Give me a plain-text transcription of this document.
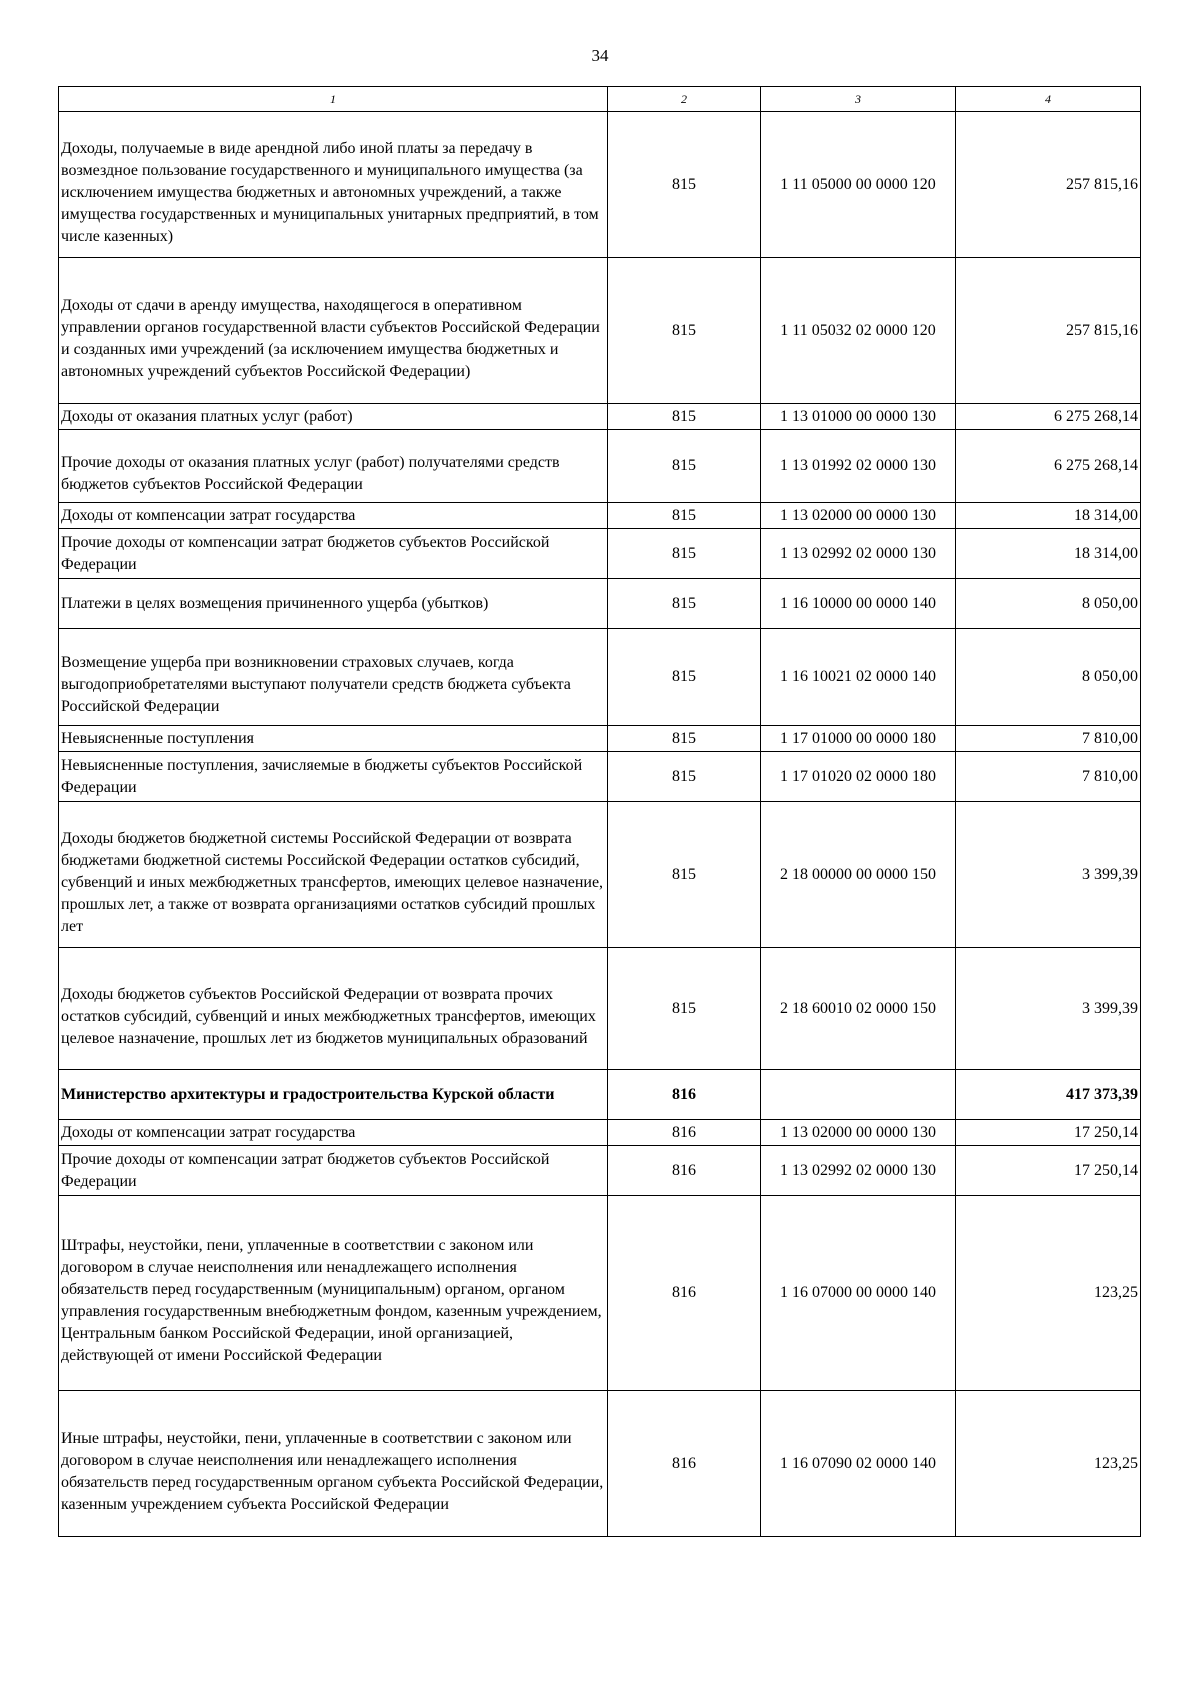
34
1	2	3	4
Доходы, получаемые в виде арендной либо иной платы за передачу в возмездное пользование государственного и муниципального имущества (за исключением имущества бюджетных и автономных учреждений, а также имущества государственных и муниципальных унитарных предприятий, в том числе казенных)	815	1 11 05000 00 0000 120	257 815,16
Доходы от сдачи в аренду имущества, находящегося в оперативном управлении органов государственной власти субъектов Российской Федерации и созданных ими учреждений (за исключением имущества бюджетных и автономных учреждений субъектов Российской Федерации)	815	1 11 05032 02 0000 120	257 815,16
Доходы от оказания платных услуг (работ)	815	1 13 01000 00 0000 130	6 275 268,14
Прочие доходы от оказания платных услуг (работ) получателями средств бюджетов субъектов Российской Федерации	815	1 13 01992 02 0000 130	6 275 268,14
Доходы от компенсации затрат государства	815	1 13 02000 00 0000 130	18 314,00
Прочие доходы от компенсации затрат бюджетов субъектов Российской Федерации	815	1 13 02992 02 0000 130	18 314,00
Платежи в целях возмещения причиненного ущерба (убытков)	815	1 16 10000 00 0000 140	8 050,00
Возмещение ущерба при возникновении страховых случаев, когда выгодоприобретателями выступают получатели средств бюджета субъекта Российской Федерации	815	1 16 10021 02 0000 140	8 050,00
Невыясненные поступления	815	1 17 01000 00 0000 180	7 810,00
Невыясненные поступления, зачисляемые в бюджеты субъектов Российской Федерации	815	1 17 01020 02 0000 180	7 810,00
Доходы бюджетов бюджетной системы Российской Федерации от возврата бюджетами бюджетной системы Российской Федерации остатков субсидий, субвенций и иных межбюджетных трансфертов, имеющих целевое назначение, прошлых лет, а также от возврата организациями остатков субсидий прошлых лет	815	2 18 00000 00 0000 150	3 399,39
Доходы бюджетов субъектов Российской Федерации от возврата прочих остатков субсидий, субвенций и иных межбюджетных трансфертов, имеющих целевое назначение, прошлых лет из бюджетов муниципальных образований	815	2 18 60010 02 0000 150	3 399,39
Министерство архитектуры и градостроительства Курской области	816		417 373,39
Доходы от компенсации затрат государства	816	1 13 02000 00 0000 130	17 250,14
Прочие доходы от компенсации затрат бюджетов субъектов Российской Федерации	816	1 13 02992 02 0000 130	17 250,14
Штрафы, неустойки, пени, уплаченные в соответствии с законом или договором в случае неисполнения или ненадлежащего исполнения обязательств перед государственным (муниципальным) органом, органом управления государственным внебюджетным фондом, казенным учреждением, Центральным банком Российской Федерации, иной организацией, действующей от имени Российской Федерации	816	1 16 07000 00 0000 140	123,25
Иные штрафы, неустойки, пени, уплаченные в соответствии с законом или договором в случае неисполнения или ненадлежащего исполнения обязательств перед государственным органом субъекта Российской Федерации, казенным учреждением субъекта Российской Федерации	816	1 16 07090 02 0000 140	123,25
